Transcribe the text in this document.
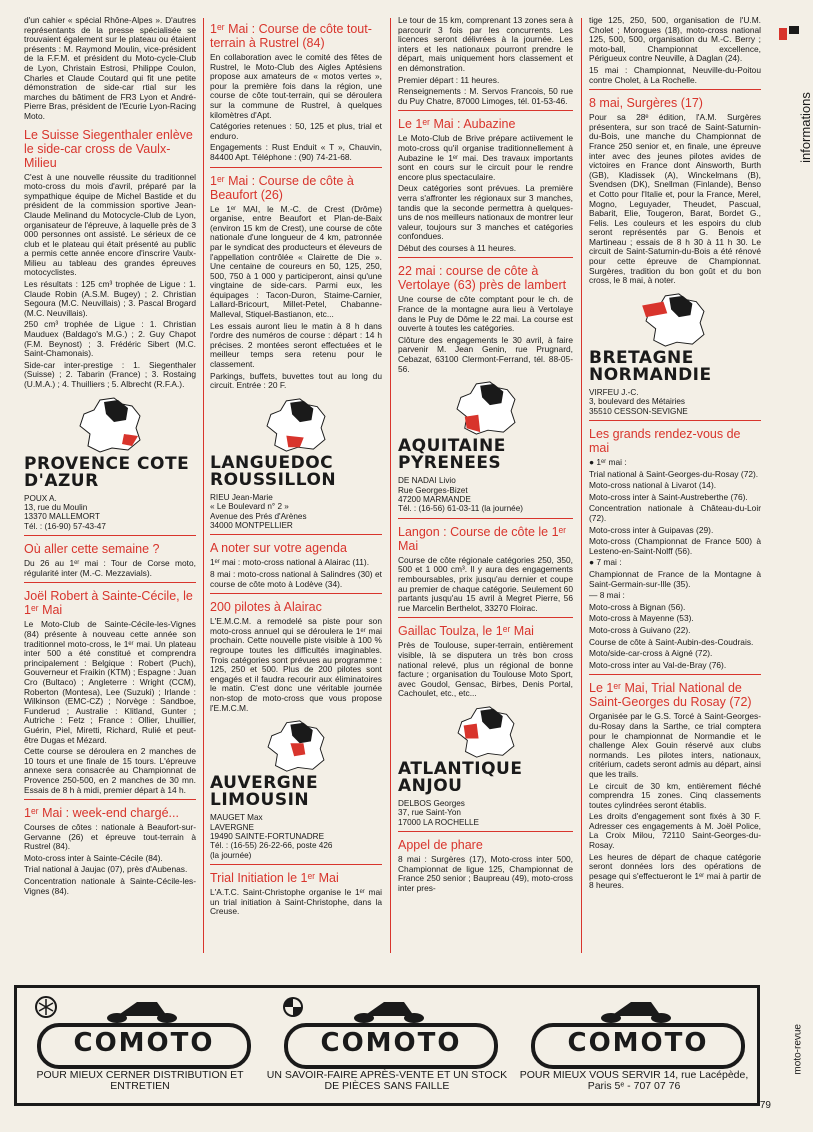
d'un cahier « spécial Rhône-Alpes ». D'autres représentants de la presse spécialisée se trouvaient également sur le plateau ou étaient présents : M. Raymond Moulin, vice-président de la F.F.M. et président du Moto-cycle-Club de Lyon, Christain Estrosi, Philippe Coulon, Charles et Claude Coutard qui fit une petite démonstration de side-car rtial sur les marches du bâtiment de FR3 Lyon et André-Pierre Bras, président de l'Ecurie Lyon-Racing Moto.

Le Suisse Siegenthaler enlève le side-car cross de Vaulx-Milieu

C'est à une nouvelle réussite du traditionnel moto-cross du mois d'avril, préparé par la sympathique équipe de Michel Bastide et du président de la commission sportive Jean-Claude Melinand du Motocycle-Club de Lyon, organisateur de l'épreuve, à laquelle près de 3 000 personnes ont assisté. Le sérieux de ce club et le plateau qui était présenté au public a permis cette année encore d'inscrire Vaulx-Milieu au tableau des grandes épreuves motocyclistes.

Les résultats : 125 cm³ trophée de Ligue : 1. Claude Robin (A.S.M. Bugey) ; 2. Christian Segoura (M.C. Neuvillais) ; 3. Pascal Brogard (M.C. Neuvillais).

250 cm³ trophée de Ligue : 1. Christian Mauduex (Baldago's M.G.) ; 2. Guy Chapot (F.M. Beynost) ; 3. Frédéric Sibert (M.C. Saint-Chamonais).

Side-car inter-prestige : 1. Siegenthaler (Suisse) ; 2. Tabarin (France) ; 3. Rostaing (U.M.A.) ; 4. Thuilliers ; 5. Albrecht (R.F.A.).

PROVENCE COTE D'AZUR

POUX A.
13, rue du Moulin
13370 MALLEMORT
Tél. : (16-90) 57-43-47

Où aller cette semaine ?

Du 26 au 1ᵉʳ mai : Tour de Corse moto, régularité inter (M.-C. Mezzavials).

Joël Robert à Sainte-Cécile, le 1ᵉʳ Mai

Le Moto-Club de Sainte-Cécile-les-Vignes (84) présente à nouveau cette année son traditionnel moto-cross, le 1ᵉʳ mai. Un plateau inter 500 a été constitué et comprendra principalement : Belgique : Robert (Puch), Gouverneur et Fraikin (KTM) ; Espagne : Juan Cro (Bultaco) ; Angleterre : Wright (CCM), Roberton (Montesa), Lee (Suzuki) ; Irlande : Wilkinson (EMC-CZ) ; Norvège : Sandboe, Funderud ; Australie : Klitland, Gunter ; Autriche : Fetz ; France : Ollier, Lhuillier, Guérin, Piel, Miretti, Richard, Rulié et peut-être Dugas et Mézard.

Cette course se déroulera en 2 manches de 10 tours et une finale de 15 tours. L'épreuve annexe sera consacrée au Championnat de Provence 250-500, en 2 manches de 30 mn. Essais de 8 h à midi, premier départ à 14 h.

1ᵉʳ Mai : week-end chargé...

Courses de côtes : nationale à Beaufort-sur-Gervanne (26) et épreuve tout-terrain à Rustrel (84).

Moto-cross inter à Sainte-Cécile (84).

Trial national à Jaujac (07), près d'Aubenas.

Concentration nationale à Sainte-Cécile-les-Vignes (84).

1ᵉʳ Mai : Course de côte tout-terrain à Rustrel (84)

En collaboration avec le comité des fêtes de Rustrel, le Moto-Club des Aigles Aptésiens propose aux amateurs de « motos vertes », pour la première fois dans la région, une course de côte tout-terrain, qui se déroulera sur la commune de Rustrel, à quelques kilomètres d'Apt.

Catégories retenues : 50, 125 et plus, trial et enduro.

Engagements : Rust Enduit « T », Chauvin, 84400 Apt. Téléphone : (90) 74-21-68.

1ᵉʳ Mai : Course de côte à Beaufort (26)

Le 1ᵉʳ MAI, le M.-C. de Crest (Drôme) organise, entre Beaufort et Plan-de-Baix (environ 15 km de Crest), une course de côte nationale d'une longueur de 4 km, patronnée par le syndicat des producteurs et éleveurs de l'appellation contrôlée « Clairette de Die ». Une centaine de coureurs en 50, 125, 250, 500, 750 à 1 000 y participeront, ainsi qu'une vingtaine de side-cars. Parmi eux, les équipages : Tacon-Duron, Staime-Carnier, Lallard-Bricourt, Millet-Petel, Chabanne-Malleval, Stiquel-Bastianon, etc...

Les essais auront lieu le matin à 8 h dans l'ordre des numéros de course : départ : 14 h précises. 2 montées seront effectuées et le meilleur temps sera retenu pour le classement.

Parkings, buffets, buvettes tout au long du circuit. Entrée : 20 F.

LANGUEDOC ROUSSILLON

RIEU Jean-Marie
« Le Boulevard n° 2 »
Avenue des Prés d'Arènes
34000 MONTPELLIER

A noter sur votre agenda

1ᵉʳ mai : moto-cross national à Alairac (11).

8 mai : moto-cross national à Salindres (30) et course de côte moto à Lodève (34).

200 pilotes à Alairac

L'E.M.C.M. a remodelé sa piste pour son moto-cross annuel qui se déroulera le 1ᵉʳ mai prochain. Cette nouvelle piste visible à 100 % regroupe toutes les difficultés imaginables. Trois catégories sont prévues au programme : 125, 250 et 500. Plus de 200 pilotes sont engagés et il faudra recourir aux éliminatoires le matin. C'est donc une véritable journée non-stop de moto-cross que vous propose l'E.M.C.M.

AUVERGNE LIMOUSIN

MAUGET Max
LAVERGNE
19490 SAINTE-FORTUNADRE
Tél. : (16-55) 26-22-66, poste 426
(la journée)

Trial Initiation le 1ᵉʳ Mai

L'A.T.C. Saint-Christophe organise le 1ᵉʳ mai un trial initiation à Saint-Christophe, dans la Creuse.

Le tour de 15 km, comprenant 13 zones sera à parcourir 3 fois par les concurrents. Les licences seront délivrées à la journée. Les inters et les nationaux pourront prendre le départ, mais uniquement hors classement et en démonstration.

Premier départ : 11 heures.

Renseignements : M. Servos Francois, 50 rue du Puy Chatre, 87000 Limoges, tél. 01-53-46.

Le 1ᵉʳ Mai : Aubazine

Le Moto-Club de Brive prépare actiivement le moto-cross qu'il organise traditionnellement à Aubazine le 1ᵉʳ mai. Des travaux importants sont en cours sur le circuit pour le rendre encore plus spectaculaire.

Deux catégories sont prévues. La première verra s'affronter les régionaux sur 3 manches, tandis que la seconde permettra à quelques-uns de nos meilleurs nationaux de montrer leur valeur, toujours sur 3 manches et catégories confondues.

Début des courses à 11 heures.

22 mai : course de côte à Vertolaye (63) près de lambert

Une course de côte comptant pour le ch. de France de la montagne aura lieu à Vertolaye dans le Puy de Dôme le 22 mai. La course est ouverte à toutes les catégories.

Clôture des engagements le 30 avril, à faire parvenir M. Jean Genin, rue Prugnard, Cebazat, 63100 Clermont-Ferrand, tél. 88-05-56.

AQUITAINE PYRENEES

DE NADAI Livio
Rue Georges-Bizet
47200 MARMANDE
Tél. : (16-56) 61-03-11 (la journée)

Langon : Course de côte le 1ᵉʳ Mai

Course de côte régionale catégories 250, 350, 500 et 1 000 cm³. Il y aura des engagements remboursables, prix jusqu'au dernier et coupe au premier de chaque catégorie. Seulement 60 partants jusqu'au 15 avril à Megret Pierre, 56 rue Marcelin Berthelot, 33270 Floirac.

Gaillac Toulza, le 1ᵉʳ Mai

Près de Toulouse, super-terrain, entièrement visible, là se disputera un très bon cross national relevé, plus un régional de bonne facture ; organisation du Toulouse Moto Sport, avec Goudol, Gensac, Birbes, Denis Portal, Cachoulet, etc., etc...

ATLANTIQUE ANJOU

DELBOS Georges
37, rue Saint-Yon
17000 LA ROCHELLE

Appel de phare

8 mai : Surgères (17), Moto-cross inter 500, Championnat de ligue 125, Championnat de France 250 senior ; Baupreau (49), moto-cross inter pres-

tige 125, 250, 500, organisation de l'U.M. Cholet ; Morogues (18), moto-cross national 125, 500, 500, organisation du M.-C. Berry ; moto-ball, Championnat excellence, Périgueux contre Neuville, à Daglan (24).

15 mai : Championnat, Neuville-du-Poitou contre Cholet, à La Rochelle.

8 mai, Surgères (17)

Pour sa 28ᵉ édition, l'A.M. Surgères présentera, sur son tracé de Saint-Saturnin-du-Bois, une manche du Championnat de France 250 senior et, en finale, une épreuve inter avec des jeunes pilotes avides de victoires en France dont Ainsworth, Burth (GB), Kladissek (A), Winckelmans (B), Svendsen (DK), Snellman (Finlande), Benso et Cotto pour l'Italie et, pour la France, Merel, Mogno, Leguyader, Theudet, Pascual, Babarit, Elie, Tougeron, Barat, Bordet G., Felis. Les couleurs et les espoirs du club seront représentés par G. Benois et Martineau ; essais de 8 h 30 à 11 h 30. Le circuit de Saint-Saturnin-du-Bois a été rénové pour cette épreuve de Championnat. Surgères, tradition du bon goût et du bon cross, le 8 mai, à noter.

BRETAGNE NORMANDIE

VIRFEU J.-C.
3, boulevard des Métairies
35510 CESSON-SEVIGNE

Les grands rendez-vous de mai

● 1ᵉʳ mai :

Trial national à Saint-Georges-du-Rosay (72).

Moto-cross national à Livarot (14).

Moto-cross inter à Saint-Austreberthe (76).

Concentration nationale à Château-du-Loir (72).

Moto-cross inter à Guipavas (29).

Moto-cross (Championnat de France 500) à Lesteno-en-Saint-Nolff (56).

● 7 mai :

Championnat de France de la Montagne à Saint-Germain-sur-Ille (35).

— 8 mai :

Moto-cross à Bignan (56).

Moto-cross à Mayenne (53).

Moto-cross à Guivano (22).

Course de côte à Saint-Aubin-des-Coudrais.

Moto/side-car-cross à Aigné (72).

Moto-cross inter au Val-de-Bray (76).

Le 1ᵉʳ Mai, Trial National de Saint-Georges du Rosay (72)

Organisée par le G.S. Torcé à Saint-Georges-du-Rosay dans la Sarthe, ce trial comptera pour le championnat de Normandie et le challenge Alex Gouin réservé aux clubs normands. Les pilotes inters, nationaux, critérium, cadets seront admis au départ, ainsi que les trails.

Le circuit de 30 km, entièrement fléché comprendra 15 zones. Cinq classements toutes cylindrées seront établis.

Les droits d'engagement sont fixés à 30 F. Adresser ces engagements à M. Joël Police, La Croix Milou, 72110 Saint-Georges-du-Rosay.

Les heures de départ de chaque catégorie seront données lors des opérations de pesage qui s'effectueront le 1ᵉʳ mai à partir de 8 heures.

informations
COMOTO
POUR MIEUX CERNER DISTRIBUTION ET ENTRETIEN
COMOTO
UN SAVOIR-FAIRE APRÈS-VENTE ET UN STOCK DE PIÈCES SANS FAILLE
COMOTO
POUR MIEUX VOUS SERVIR 14, rue Lacépède, Paris 5ᵉ - 707 07 76
moto-revue
79
